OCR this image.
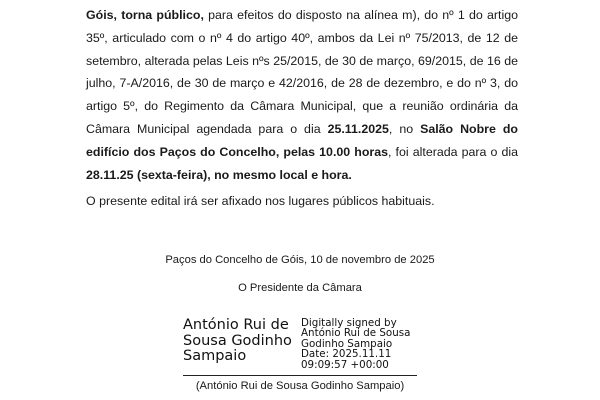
Góis, torna público, para efeitos do disposto na alínea m), do nº 1 do artigo 35º, articulado com o nº 4 do artigo 40º, ambos da Lei nº 75/2013, de 12 de setembro, alterada pelas Leis nºs 25/2015, de 30 de março, 69/2015, de 16 de julho, 7-A/2016, de 30 de março e 42/2016, de 28 de dezembro, e do nº 3, do artigo 5º, do Regimento da Câmara Municipal, que a reunião ordinária da Câmara Municipal agendada para o dia 25.11.2025, no Salão Nobre do edifício dos Paços do Concelho, pelas 10.00 horas, foi alterada para o dia 28.11.25 (sexta-feira), no mesmo local e hora.

O presente edital irá ser afixado nos lugares públicos habituais.

Paços do Concelho de Góis, 10 de novembro de 2025

O Presidente da Câmara

António Rui de
Sousa Godinho
Sampaio
Digitally signed by
António Rui de Sousa
Godinho Sampaio
Date: 2025.11.11
09:09:57 +00:00

(António Rui de Sousa Godinho Sampaio)
